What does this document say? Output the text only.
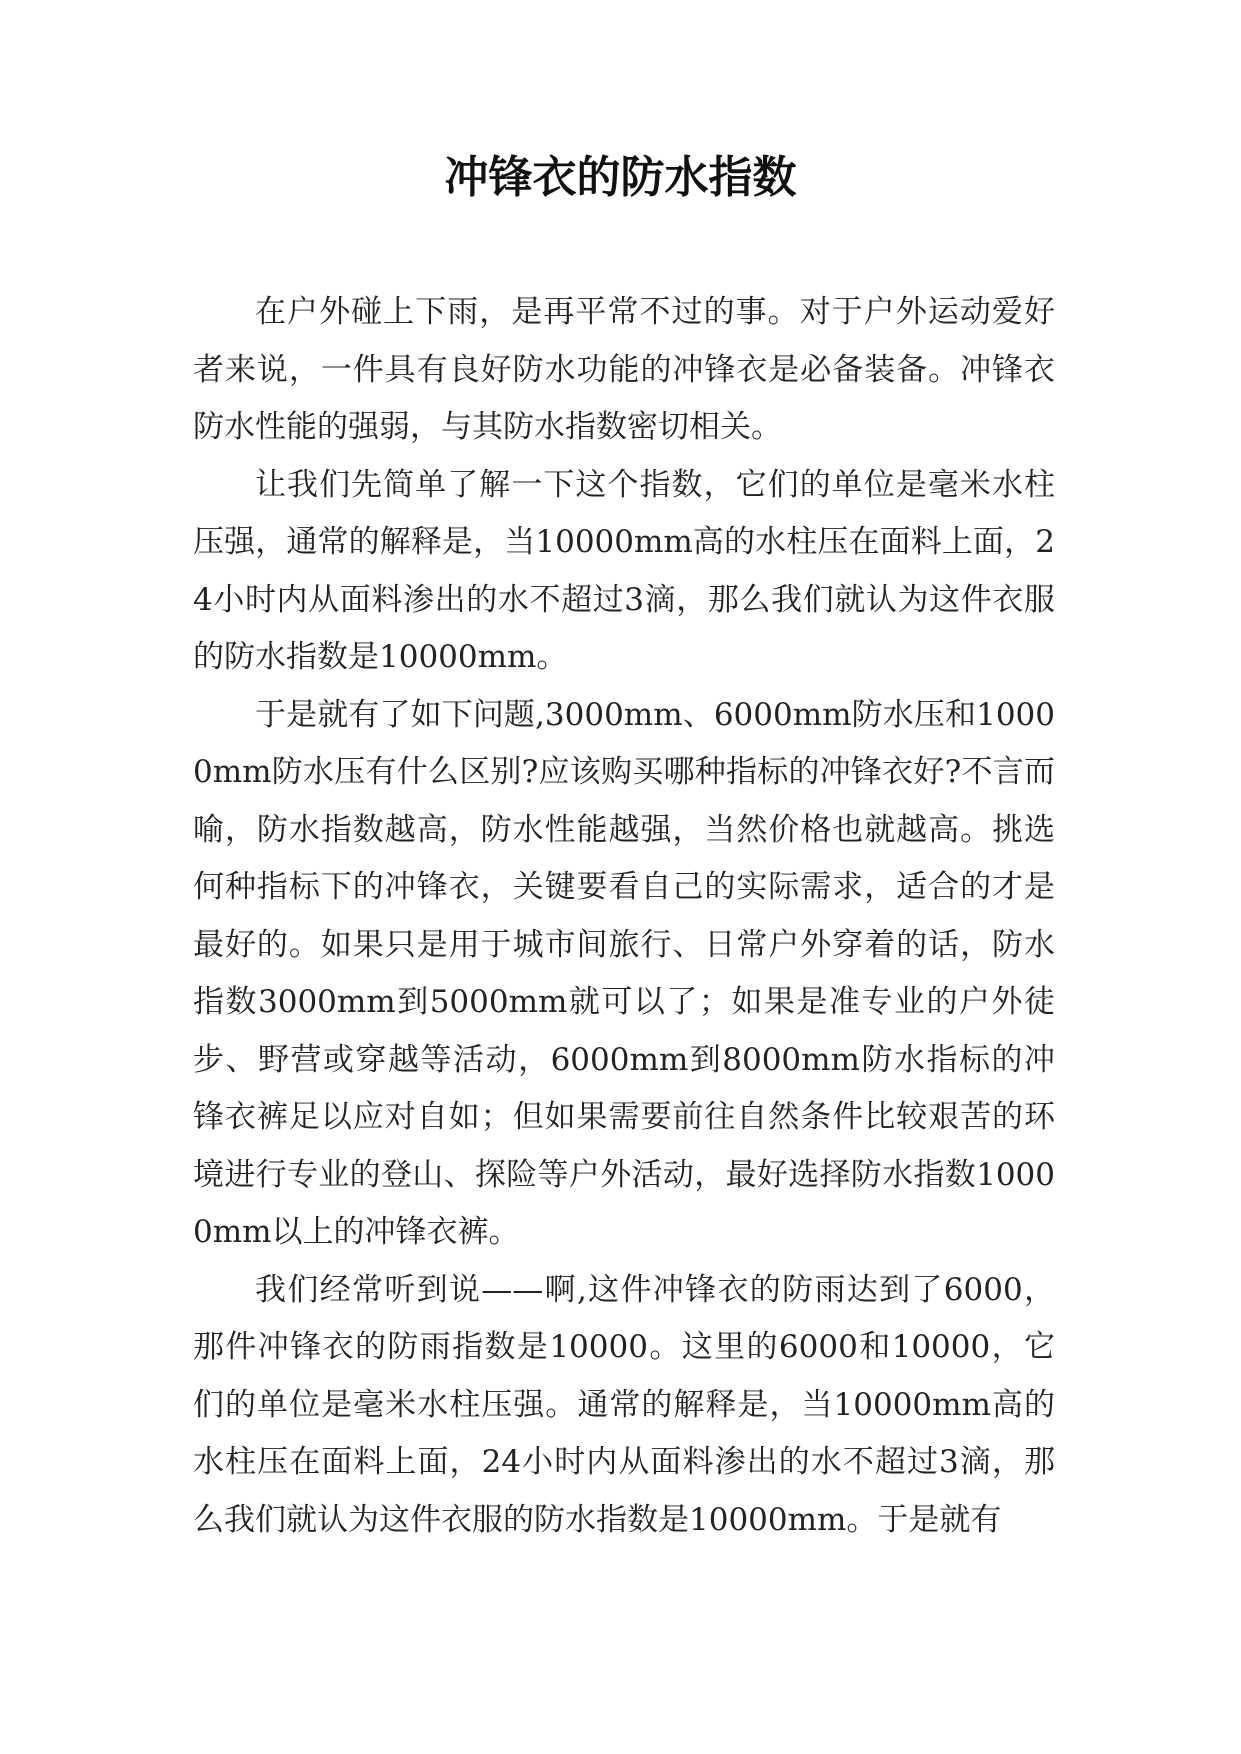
冲锋衣的防水指数

在户外碰上下雨，是再平常不过的事。对于户外运动爱好者来说，一件具有良好防水功能的冲锋衣是必备装备。冲锋衣防水性能的强弱，与其防水指数密切相关。

让我们先简单了解一下这个指数，它们的单位是毫米水柱压强，通常的解释是，当10000mm高的水柱压在面料上面，24小时内从面料渗出的水不超过3滴，那么我们就认为这件衣服的防水指数是10000mm。

于是就有了如下问题,3000mm、6000mm防水压和10000mm防水压有什么区别?应该购买哪种指标的冲锋衣好?不言而喻，防水指数越高，防水性能越强，当然价格也就越高。挑选何种指标下的冲锋衣，关键要看自己的实际需求，适合的才是最好的。如果只是用于城市间旅行、日常户外穿着的话，防水指数3000mm到5000mm就可以了；如果是准专业的户外徒步、野营或穿越等活动，6000mm到8000mm防水指标的冲锋衣裤足以应对自如；但如果需要前往自然条件比较艰苦的环境进行专业的登山、探险等户外活动，最好选择防水指数10000mm以上的冲锋衣裤。

我们经常听到说——啊,这件冲锋衣的防雨达到了6000，那件冲锋衣的防雨指数是10000。这里的6000和10000，它们的单位是毫米水柱压强。通常的解释是，当10000mm高的水柱压在面料上面，24小时内从面料渗出的水不超过3滴，那么我们就认为这件衣服的防水指数是10000mm。于是就有
